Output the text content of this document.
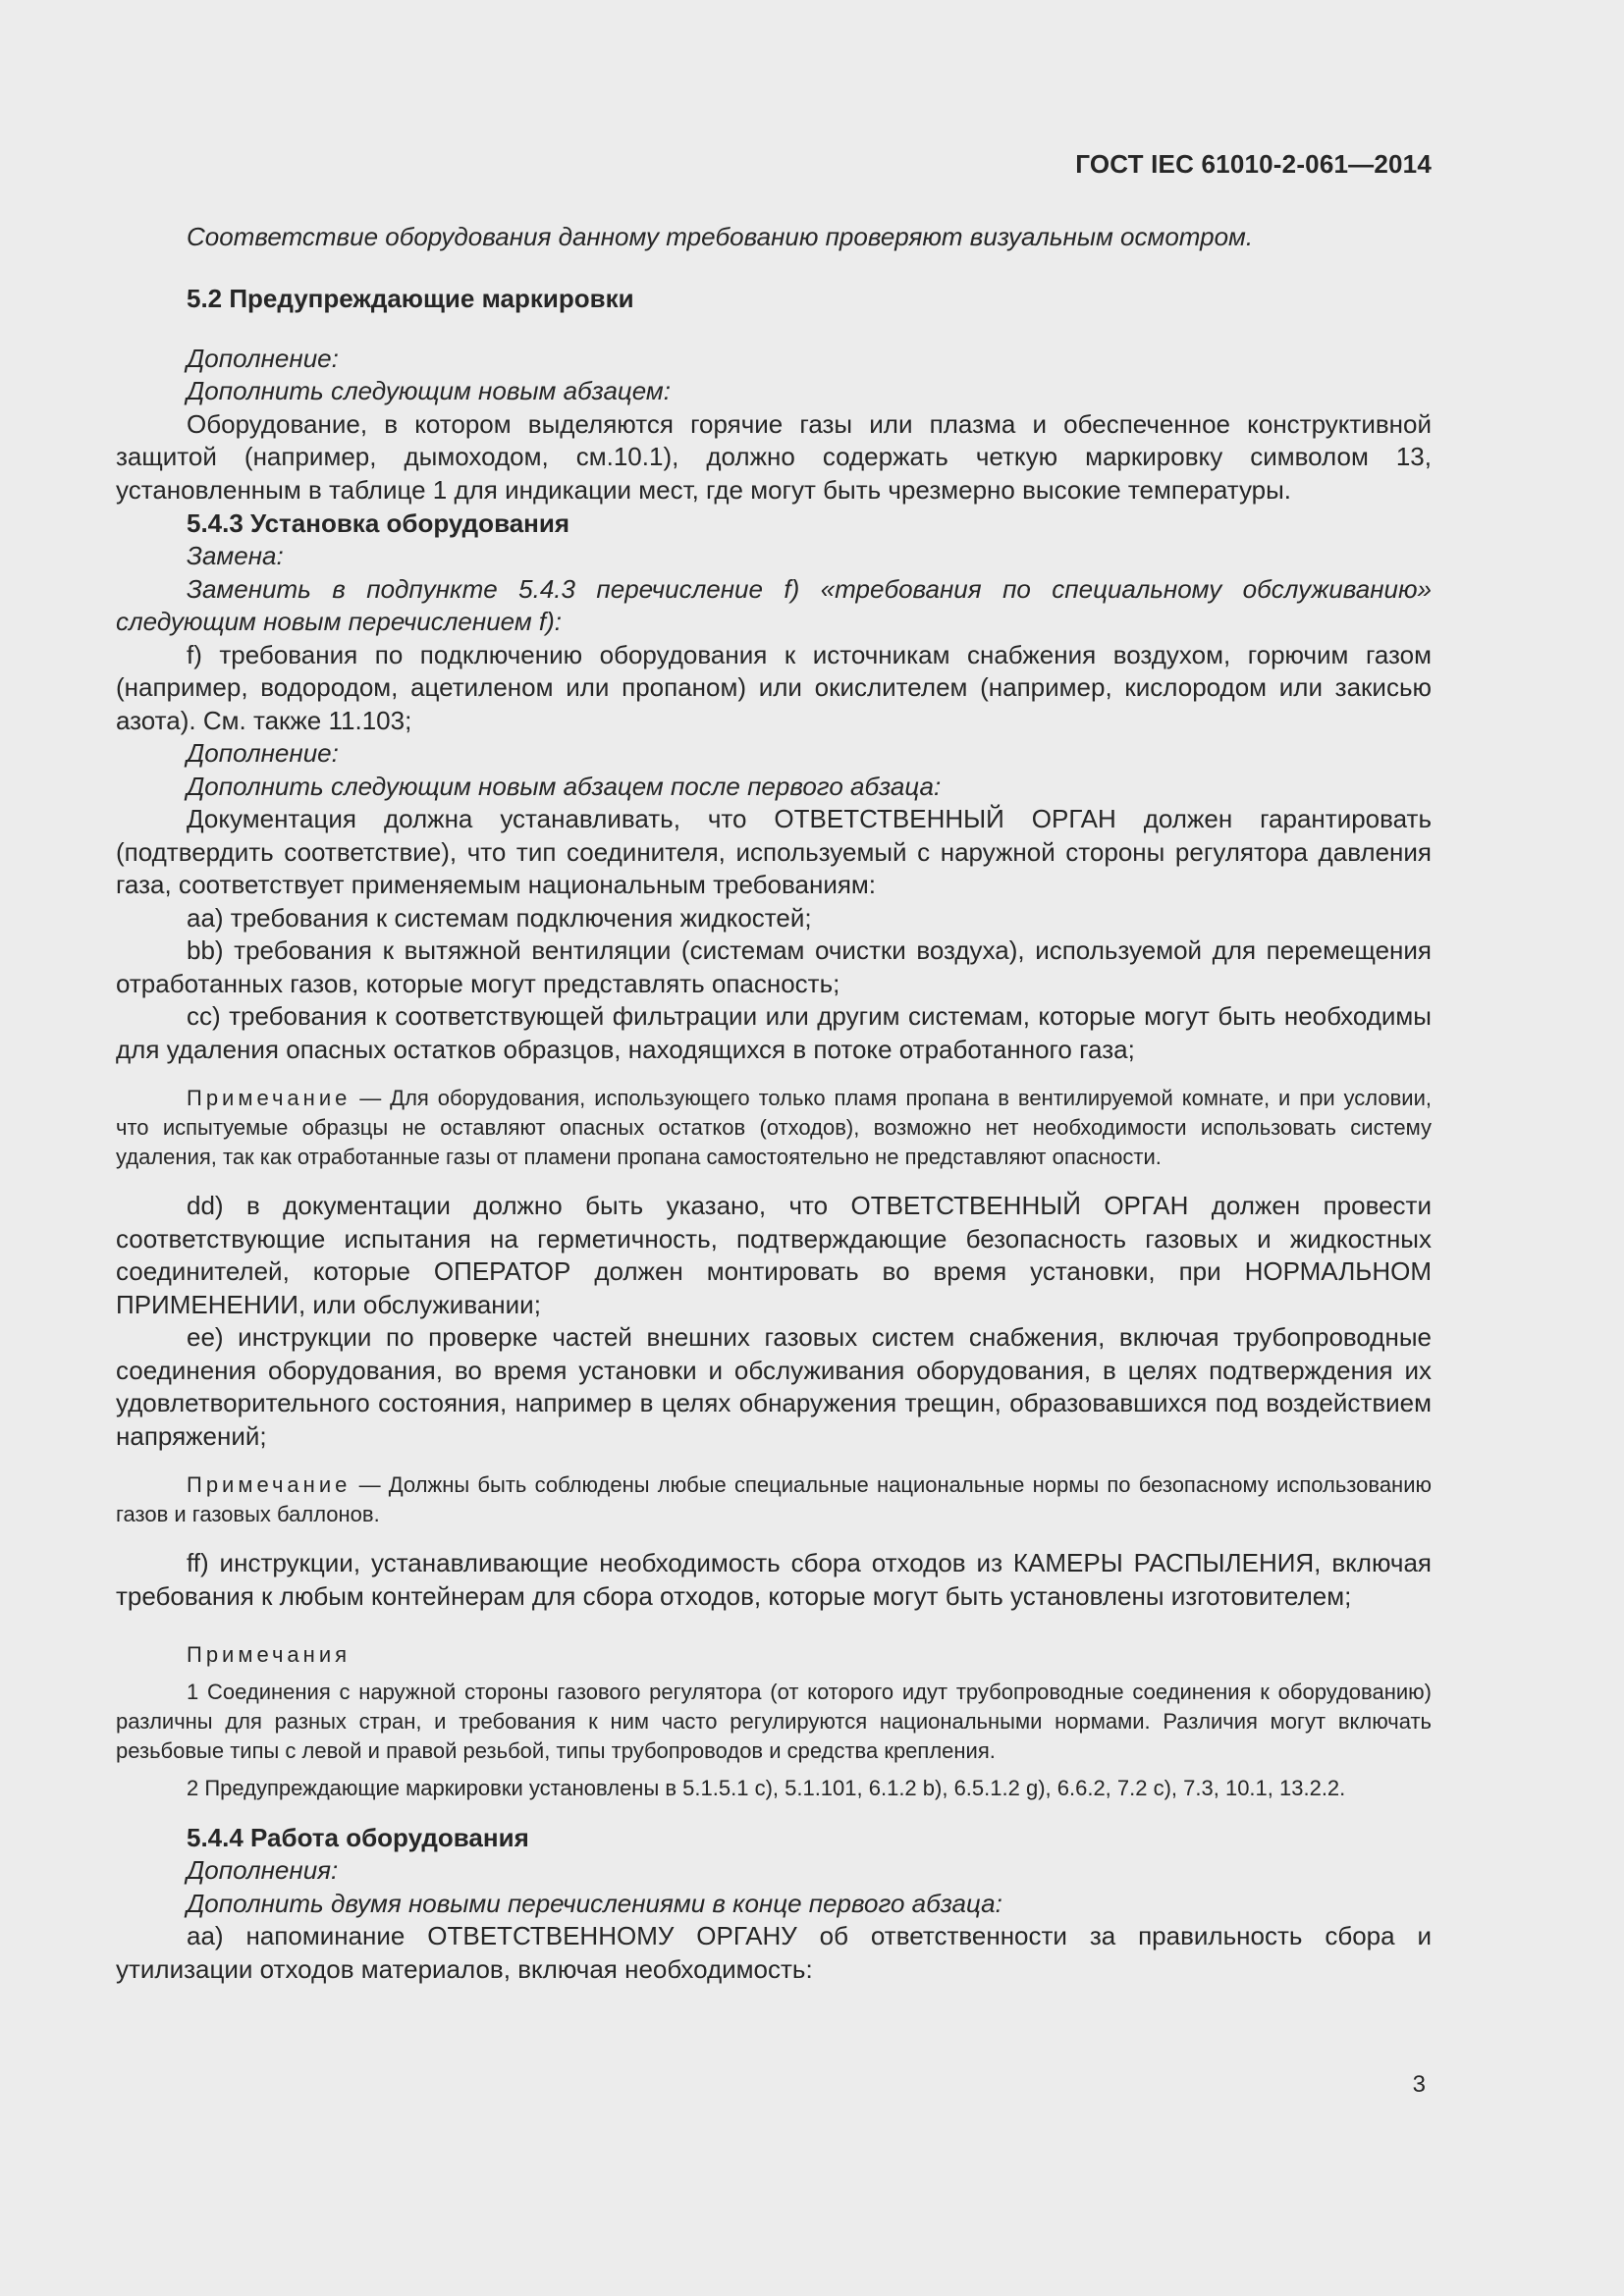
ГОСТ IEC 61010-2-061—2014

Соответствие оборудования данному требованию проверяют визуальным осмотром.

5.2 Предупреждающие маркировки

Дополнение:

Дополнить следующим новым абзацем:

Оборудование, в котором выделяются горячие газы или плазма и обеспеченное конструктивной защитой (например, дымоходом, см.10.1), должно содержать четкую маркировку символом 13, установленным в таблице 1 для индикации мест, где могут быть чрезмерно высокие температуры.

5.4.3 Установка оборудования

Замена:

Заменить в подпункте 5.4.3 перечисление f) «требования по специальному обслуживанию» следующим новым перечислением f):

f) требования по подключению оборудования к источникам снабжения воздухом, горючим газом (например, водородом, ацетиленом или пропаном) или окислителем (например, кислородом или закисью азота). См. также 11.103;

Дополнение:

Дополнить следующим новым абзацем после первого абзаца:

Документация должна устанавливать, что ОТВЕТСТВЕННЫЙ ОРГАН должен гарантировать (подтвердить соответствие), что тип соединителя, используемый с наружной стороны регулятора давления газа, соответствует применяемым национальным требованиям:

аа) требования к системам подключения жидкостей;

bb) требования к вытяжной вентиляции (системам очистки воздуха), используемой для перемещения отработанных газов, которые могут представлять опасность;

сс) требования к соответствующей фильтрации или другим системам, которые могут быть необходимы для удаления опасных остатков образцов, находящихся в потоке отработанного газа;

Примечание — Для оборудования, использующего только пламя пропана в вентилируемой комнате, и при условии, что испытуемые образцы не оставляют опасных остатков (отходов), возможно нет необходимости использовать систему удаления, так как отработанные газы от пламени пропана самостоятельно не представляют опасности.

dd) в документации должно быть указано, что ОТВЕТСТВЕННЫЙ ОРГАН должен провести соответствующие испытания на герметичность, подтверждающие безопасность газовых и жидкостных соединителей, которые ОПЕРАТОР должен монтировать во время установки, при НОРМАЛЬНОМ ПРИМЕНЕНИИ, или обслуживании;

ее) инструкции по проверке частей внешних газовых систем снабжения, включая трубопроводные соединения оборудования, во время установки и обслуживания оборудования, в целях подтверждения их удовлетворительного состояния, например в целях обнаружения трещин, образовавшихся под воздействием напряжений;

Примечание — Должны быть соблюдены любые специальные национальные нормы по безопасному использованию газов и газовых баллонов.

ff) инструкции, устанавливающие необходимость сбора отходов из КАМЕРЫ РАСПЫЛЕНИЯ, включая требования к любым контейнерам для сбора отходов, которые могут быть установлены изготовителем;

Примечания

1 Соединения с наружной стороны газового регулятора (от которого идут трубопроводные соединения к оборудованию) различны для разных стран, и требования к ним часто регулируются национальными нормами. Различия могут включать резьбовые типы с левой и правой резьбой, типы трубопроводов и средства крепления.

2 Предупреждающие маркировки установлены в 5.1.5.1 с), 5.1.101, 6.1.2 b), 6.5.1.2 g), 6.6.2, 7.2 с), 7.3, 10.1, 13.2.2.

5.4.4 Работа оборудования

Дополнения:

Дополнить двумя новыми перечислениями в конце первого абзаца:

аа) напоминание ОТВЕТСТВЕННОМУ ОРГАНУ об ответственности за правильность сбора и утилизации отходов материалов, включая необходимость:

3
